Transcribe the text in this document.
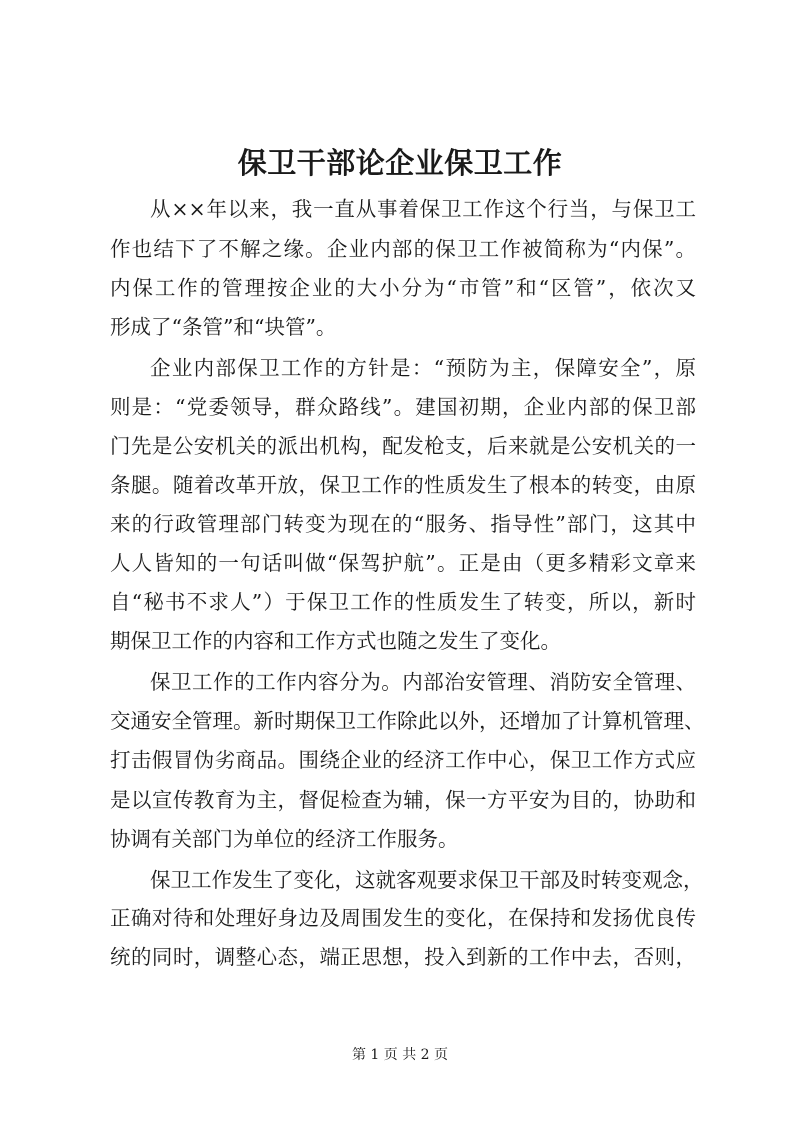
保卫干部论企业保卫工作
从××年以来，我一直从事着保卫工作这个行当，与保卫工
作也结下了不解之缘。企业内部的保卫工作被简称为“内保”。
内保工作的管理按企业的大小分为“市管”和“区管”，依次又
形成了“条管”和“块管”。
企业内部保卫工作的方针是：“预防为主，保障安全”，原
则是：“党委领导，群众路线”。建国初期，企业内部的保卫部
门先是公安机关的派出机构，配发枪支，后来就是公安机关的一
条腿。随着改革开放，保卫工作的性质发生了根本的转变，由原
来的行政管理部门转变为现在的“服务、指导性”部门，这其中
人人皆知的一句话叫做“保驾护航”。正是由（更多精彩文章来
自“秘书不求人”）于保卫工作的性质发生了转变，所以，新时
期保卫工作的内容和工作方式也随之发生了变化。
保卫工作的工作内容分为。内部治安管理、消防安全管理、
交通安全管理。新时期保卫工作除此以外，还增加了计算机管理、
打击假冒伪劣商品。围绕企业的经济工作中心，保卫工作方式应
是以宣传教育为主，督促检查为辅，保一方平安为目的，协助和
协调有关部门为单位的经济工作服务。
保卫工作发生了变化，这就客观要求保卫干部及时转变观念，
正确对待和处理好身边及周围发生的变化，在保持和发扬优良传
统的同时，调整心态，端正思想，投入到新的工作中去，否则，
第 1 页 共 2 页
